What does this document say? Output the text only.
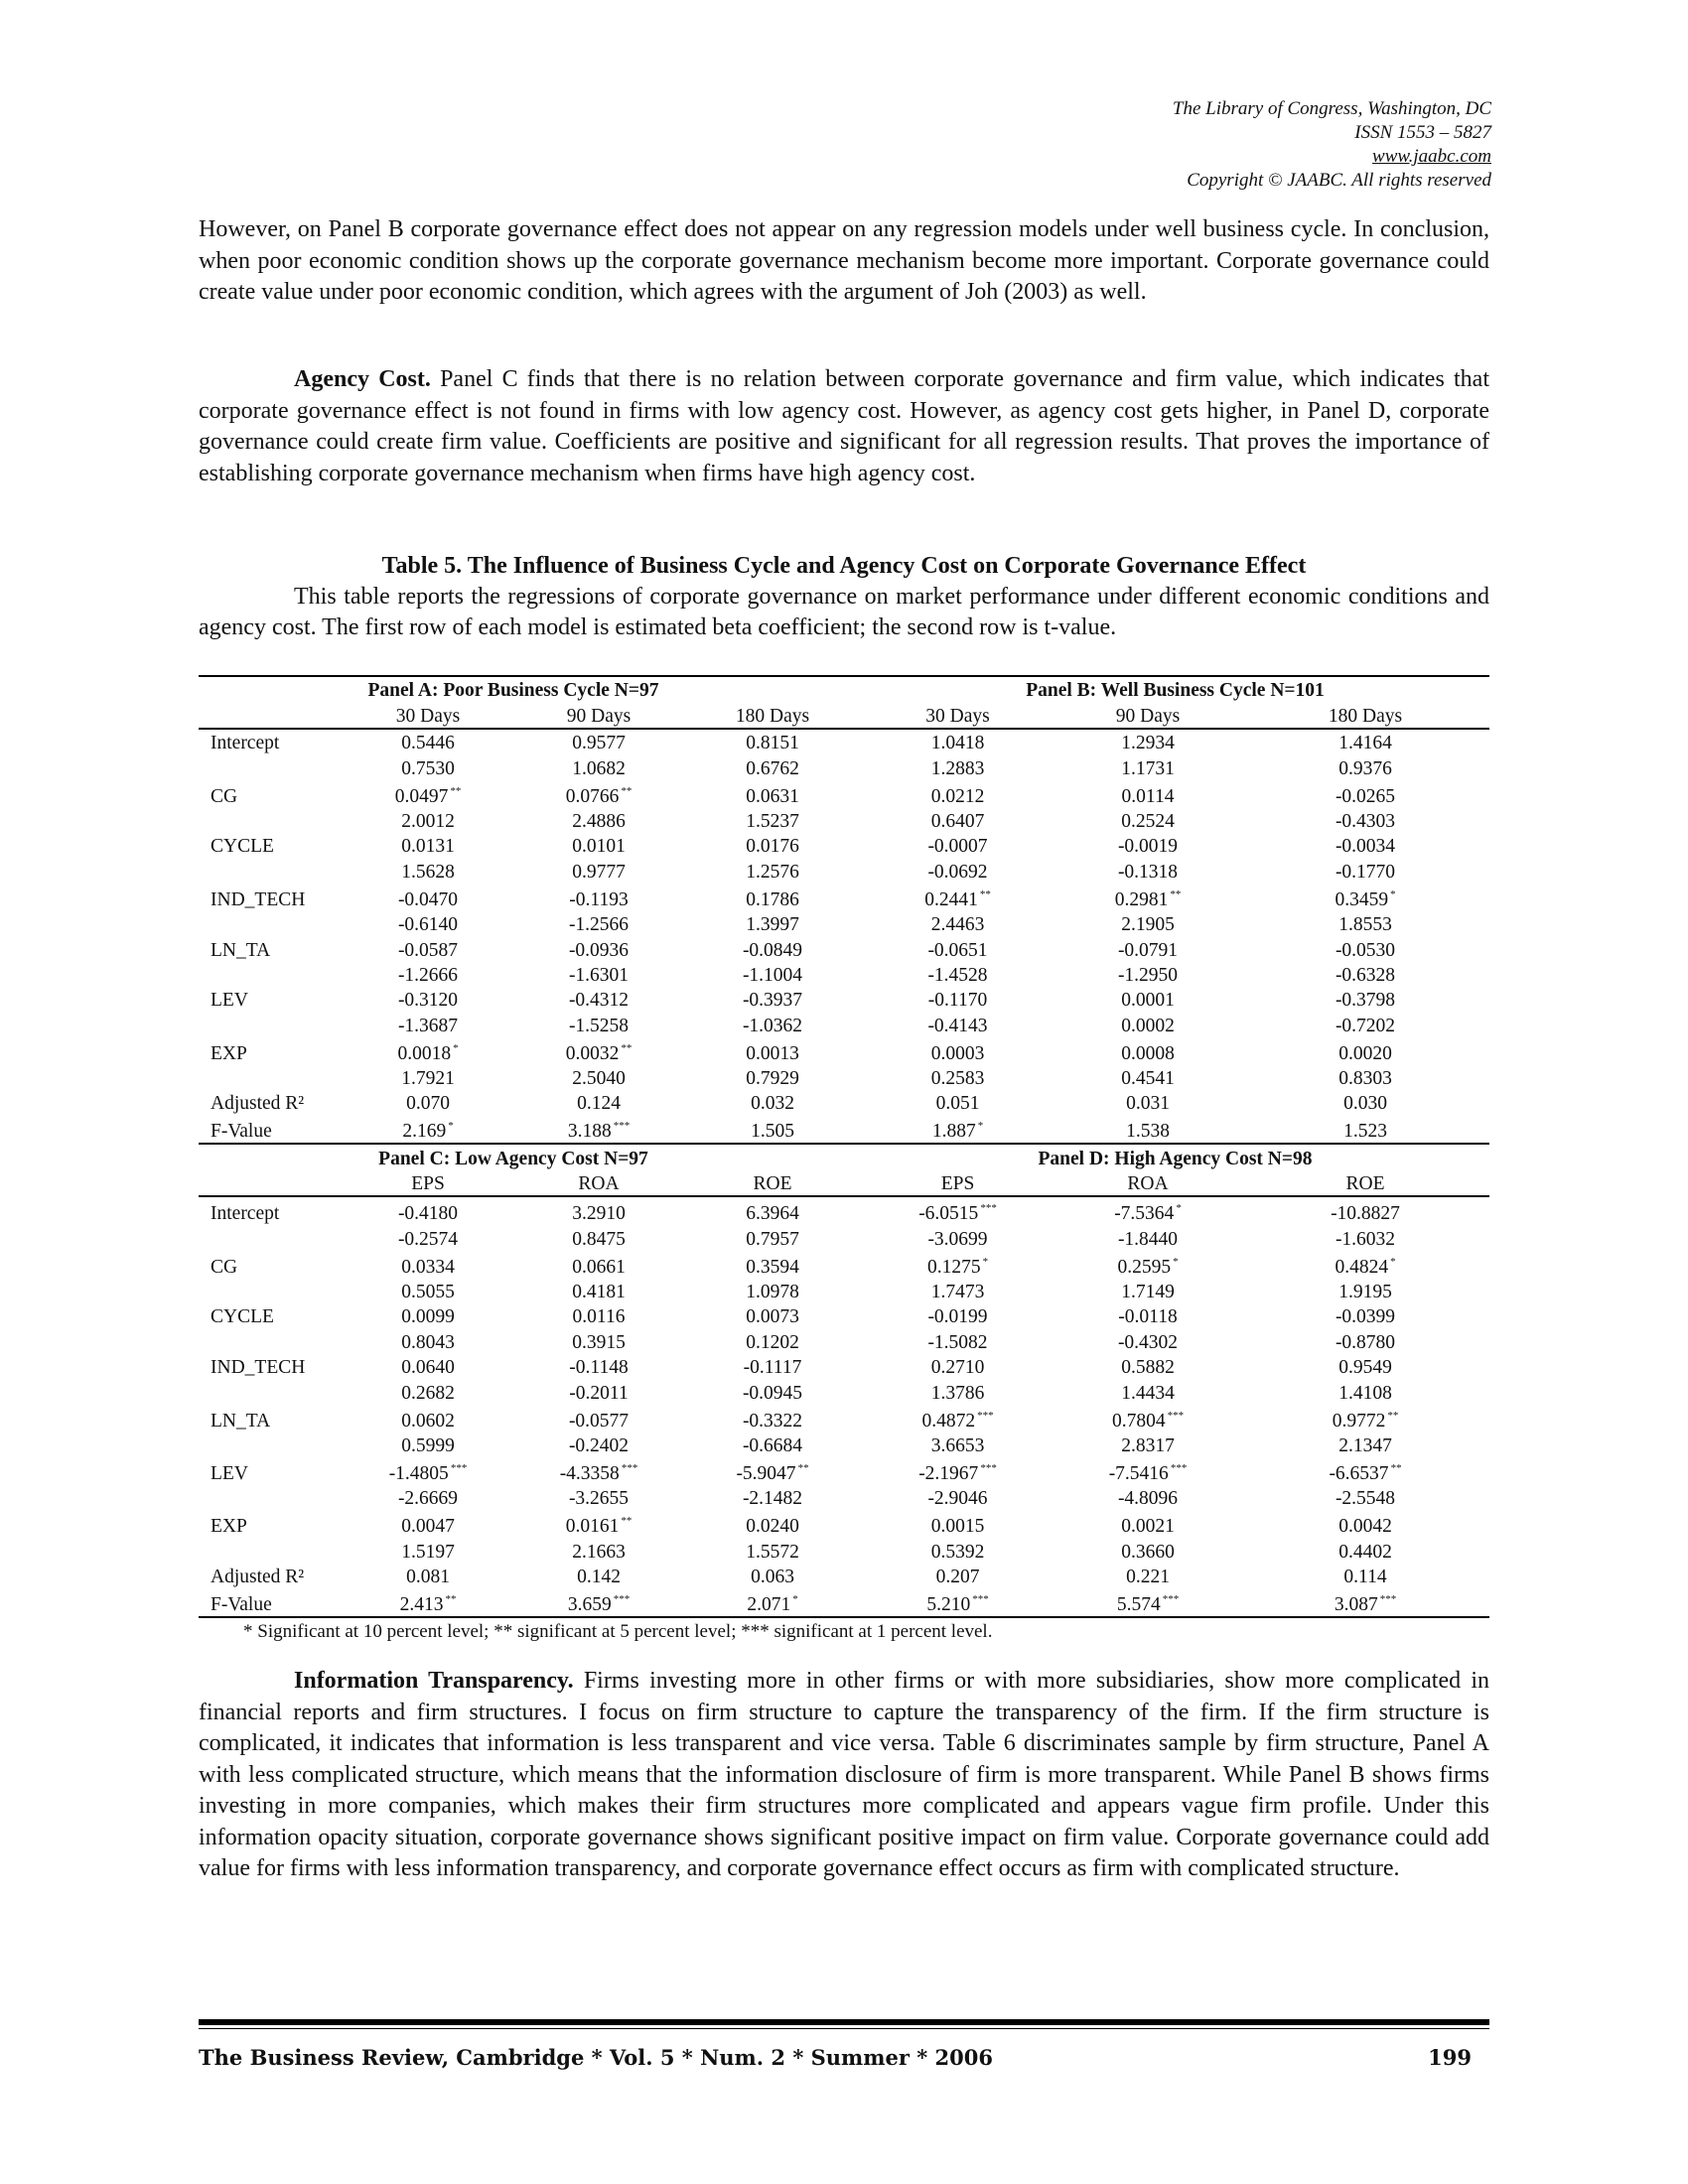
The Library of Congress, Washington, DC
ISSN 1553 – 5827
www.jaabc.com
Copyright © JAABC. All rights reserved
However, on Panel B corporate governance effect does not appear on any regression models under well business cycle. In conclusion, when poor economic condition shows up the corporate governance mechanism become more important. Corporate governance could create value under poor economic condition, which agrees with the argument of Joh (2003) as well.
Agency Cost. Panel C finds that there is no relation between corporate governance and firm value, which indicates that corporate governance effect is not found in firms with low agency cost. However, as agency cost gets higher, in Panel D, corporate governance could create firm value. Coefficients are positive and significant for all regression results. That proves the importance of establishing corporate governance mechanism when firms have high agency cost.
Table 5. The Influence of Business Cycle and Agency Cost on Corporate Governance Effect
This table reports the regressions of corporate governance on market performance under different economic conditions and agency cost. The first row of each model is estimated beta coefficient; the second row is t-value.
	Panel A: Poor Business Cycle N=97			Panel B: Well Business Cycle N=101		
	30 Days	90 Days	180 Days	30 Days	90 Days	180 Days
Intercept	0.5446	0.9577	0.8151	1.0418	1.2934	1.4164
	0.7530	1.0682	0.6762	1.2883	1.1731	0.9376
CG	0.0497 **	0.0766 **	0.0631	0.0212	0.0114	-0.0265
	2.0012	2.4886	1.5237	0.6407	0.2524	-0.4303
CYCLE	0.0131	0.0101	0.0176	-0.0007	-0.0019	-0.0034
	1.5628	0.9777	1.2576	-0.0692	-0.1318	-0.1770
IND_TECH	-0.0470	-0.1193	0.1786	0.2441 **	0.2981 **	0.3459 *
	-0.6140	-1.2566	1.3997	2.4463	2.1905	1.8553
LN_TA	-0.0587	-0.0936	-0.0849	-0.0651	-0.0791	-0.0530
	-1.2666	-1.6301	-1.1004	-1.4528	-1.2950	-0.6328
LEV	-0.3120	-0.4312	-0.3937	-0.1170	0.0001	-0.3798
	-1.3687	-1.5258	-1.0362	-0.4143	0.0002	-0.7202
EXP	0.0018 *	0.0032 **	0.0013	0.0003	0.0008	0.0020
	1.7921	2.5040	0.7929	0.2583	0.4541	0.8303
Adjusted R²	0.070	0.124	0.032	0.051	0.031	0.030
F-Value	2.169 *	3.188 ***	1.505	1.887 *	1.538	1.523
	Panel C: Low Agency Cost N=97			Panel D: High Agency Cost N=98		
	EPS	ROA	ROE	EPS	ROA	ROE
Intercept	-0.4180	3.2910	6.3964	-6.0515 ***	-7.5364 *	-10.8827
	-0.2574	0.8475	0.7957	-3.0699	-1.8440	-1.6032
CG	0.0334	0.0661	0.3594	0.1275 *	0.2595 *	0.4824 *
	0.5055	0.4181	1.0978	1.7473	1.7149	1.9195
CYCLE	0.0099	0.0116	0.0073	-0.0199	-0.0118	-0.0399
	0.8043	0.3915	0.1202	-1.5082	-0.4302	-0.8780
IND_TECH	0.0640	-0.1148	-0.1117	0.2710	0.5882	0.9549
	0.2682	-0.2011	-0.0945	1.3786	1.4434	1.4108
LN_TA	0.0602	-0.0577	-0.3322	0.4872 ***	0.7804 ***	0.9772 **
	0.5999	-0.2402	-0.6684	3.6653	2.8317	2.1347
LEV	-1.4805 ***	-4.3358 ***	-5.9047 **	-2.1967 ***	-7.5416 ***	-6.6537 **
	-2.6669	-3.2655	-2.1482	-2.9046	-4.8096	-2.5548
EXP	0.0047	0.0161 **	0.0240	0.0015	0.0021	0.0042
	1.5197	2.1663	1.5572	0.5392	0.3660	0.4402
Adjusted R²	0.081	0.142	0.063	0.207	0.221	0.114
F-Value	2.413 **	3.659 ***	2.071 *	5.210 ***	5.574 ***	3.087 ***
* Significant at 10 percent level; ** significant at 5 percent level; *** significant at 1 percent level.
Information Transparency. Firms investing more in other firms or with more subsidiaries, show more complicated in financial reports and firm structures. I focus on firm structure to capture the transparency of the firm. If the firm structure is complicated, it indicates that information is less transparent and vice versa. Table 6 discriminates sample by firm structure, Panel A with less complicated structure, which means that the information disclosure of firm is more transparent. While Panel B shows firms investing in more companies, which makes their firm structures more complicated and appears vague firm profile. Under this information opacity situation, corporate governance shows significant positive impact on firm value. Corporate governance could add value for firms with less information transparency, and corporate governance effect occurs as firm with complicated structure.
The Business Review, Cambridge * Vol. 5 * Num. 2 * Summer * 2006	199
